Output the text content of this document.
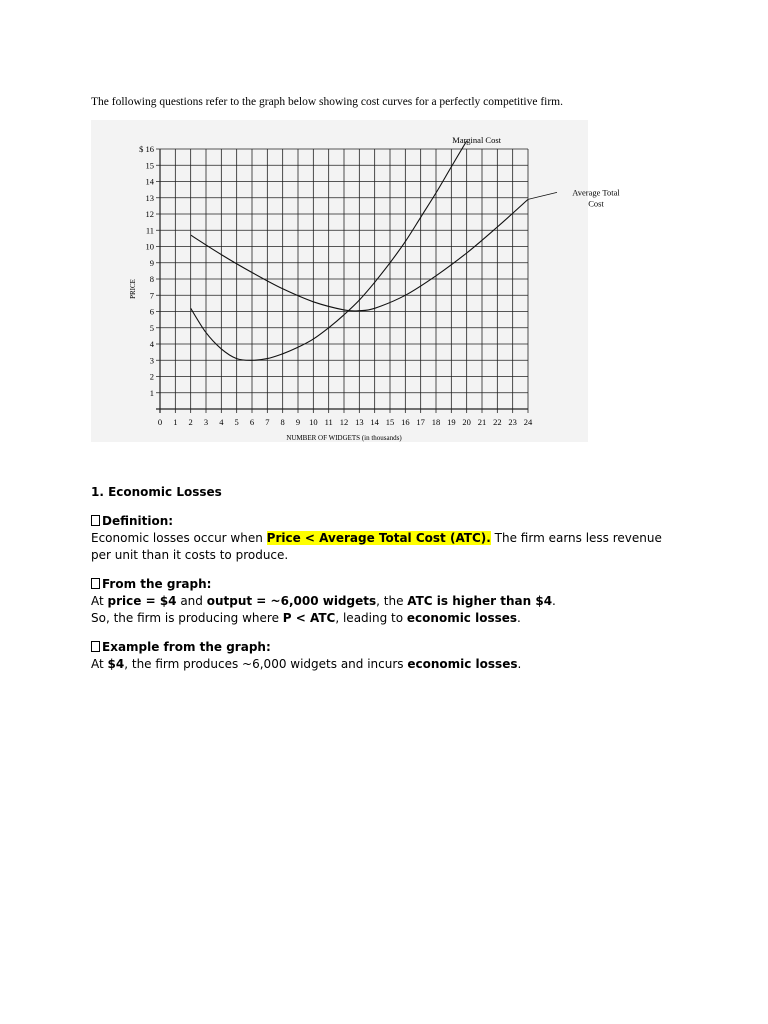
The following questions refer to the graph below showing cost curves for a perfectly competitive firm.
0 1 2 3 4 5 6 7 8 9 10 11 12 13 14 15 16 17 18 19 20 21 22 23 24
1
2
3
4
5
6
7
8
9
10
11
12
13
14
15
$ 16
NUMBER OF WIDGETS (in thousands)
PRICE
Marginal Cost
Average Total
Cost

1. Economic Losses

Definition:

Economic losses occur when Price < Average Total Cost (ATC). The firm earns less revenue per unit than it costs to produce.

From the graph:

At price = $4 and output = ~6,000 widgets, the ATC is higher than $4.

So, the firm is producing where P < ATC, leading to economic losses.

Example from the graph:

At $4, the firm produces ~6,000 widgets and incurs economic losses.
